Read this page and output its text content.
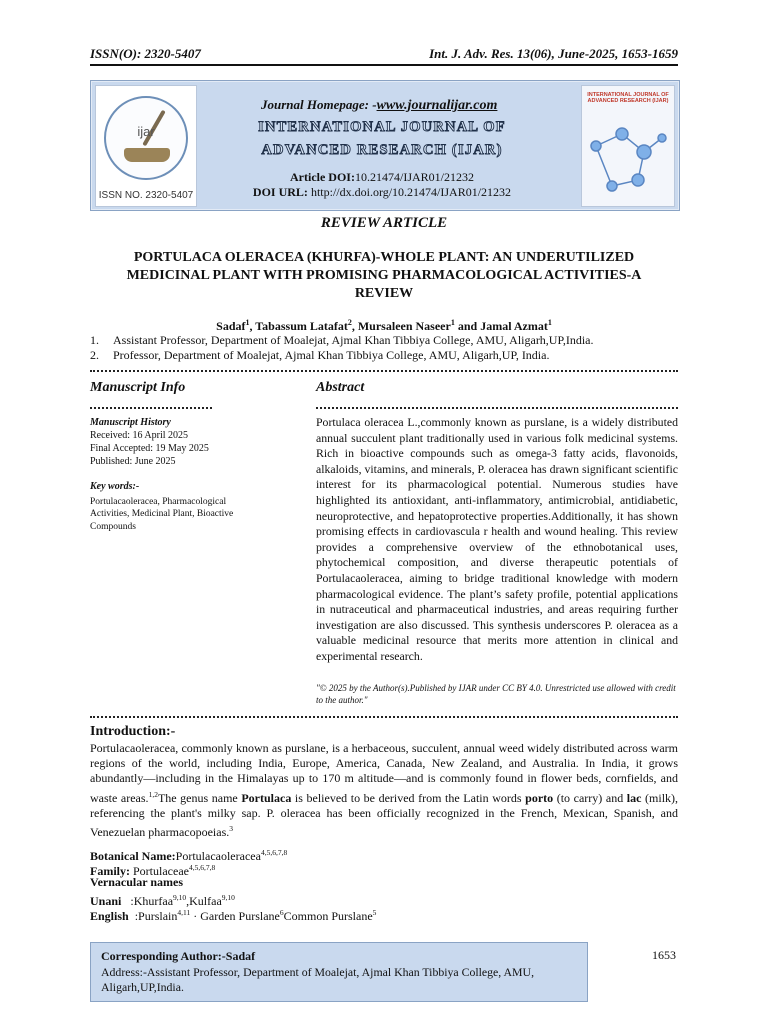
ISSN(O): 2320-5407	Int. J. Adv. Res. 13(06), June-2025, 1653-1659
ijar
ISSN NO. 2320-5407
Journal Homepage: -www.journalijar.com
INTERNATIONAL JOURNAL OF
ADVANCED RESEARCH (IJAR)
Article DOI:10.21474/IJAR01/21232
DOI URL: http://dx.doi.org/10.21474/IJAR01/21232
INTERNATIONAL JOURNAL OF ADVANCED RESEARCH (IJAR)
REVIEW ARTICLE
PORTULACA OLERACEA (KHURFA)-WHOLE PLANT: AN UNDERUTILIZED
MEDICINAL PLANT WITH PROMISING PHARMACOLOGICAL ACTIVITIES-A
REVIEW
Sadaf$^1$, Tabassum Latafat$^2$, Mursaleen Naseer$^1$ and Jamal Azmat$^1$
1. Assistant Professor, Department of Moalejat, Ajmal Khan Tibbiya College, AMU, Aligarh,UP,India.
2. Professor, Department of Moalejat, Ajmal Khan Tibbiya College, AMU, Aligarh,UP, India.
Manuscript Info
Manuscript History
Received: 16 April 2025
Final Accepted: 19 May 2025
Published: June 2025
Key words:-
Portulacaoleracea, Pharmacological Activities, Medicinal Plant, Bioactive Compounds
Abstract
Portulaca oleracea L.,commonly known as purslane, is a widely distributed annual succulent plant traditionally used in various folk medicinal systems. Rich in bioactive compounds such as omega-3 fatty acids, flavonoids, alkaloids, vitamins, and minerals, P. oleracea has drawn significant scientific interest for its pharmacological potential. Numerous studies have highlighted its antioxidant, anti-inflammatory, antimicrobial, antidiabetic, neuroprotective, and hepatoprotective properties.Additionally, it has shown promising effects in cardiovascula r health and wound healing. This review provides a comprehensive overview of the ethnobotanical uses, phytochemical composition, and diverse therapeutic potentials of Portulacaoleracea, aiming to bridge traditional knowledge with modern pharmacological evidence. The plant’s safety profile, potential applications in nutraceutical and pharmaceutical industries, and areas requiring further investigation are also discussed. This synthesis underscores P. oleracea as a valuable medicinal resource that merits more attention in clinical and experimental research.
"© 2025 by the Author(s).Published by IJAR under CC BY 4.0. Unrestricted use allowed with credit to the author."
Introduction:-
Portulacaoleracea, commonly known as purslane, is a herbaceous, succulent, annual weed widely distributed across warm regions of the world, including India, Europe, America, Canada, New Zealand, and Australia. In India, it grows abundantly—including in the Himalayas up to 170 m altitude—and is commonly found in flower beds, cornfields, and waste areas.$^{1,2}$The genus name Portulaca is believed to be derived from the Latin words porto (to carry) and lac (milk), referencing the plant's milky sap. P. oleracea has been officially recognized in the French, Mexican, Spanish, and Venezuelan pharmacopoeias.$^3$
Botanical Name:Portulacaoleracea$^{4,5,6,7,8}$
Family: Portulaceae$^{4,5,6,7,8}$
Vernacular names
Unani   :Khurfaa$^{9,10}$,Kulfaa$^{9,10}$
English  :Purslain$^{4,11}$ · Garden Purslane$^6$Common Purslane$^5$
Corresponding Author:-Sadaf
Address:-Assistant Professor, Department of Moalejat, Ajmal Khan Tibbiya College, AMU, Aligarh,UP,India.
1653
